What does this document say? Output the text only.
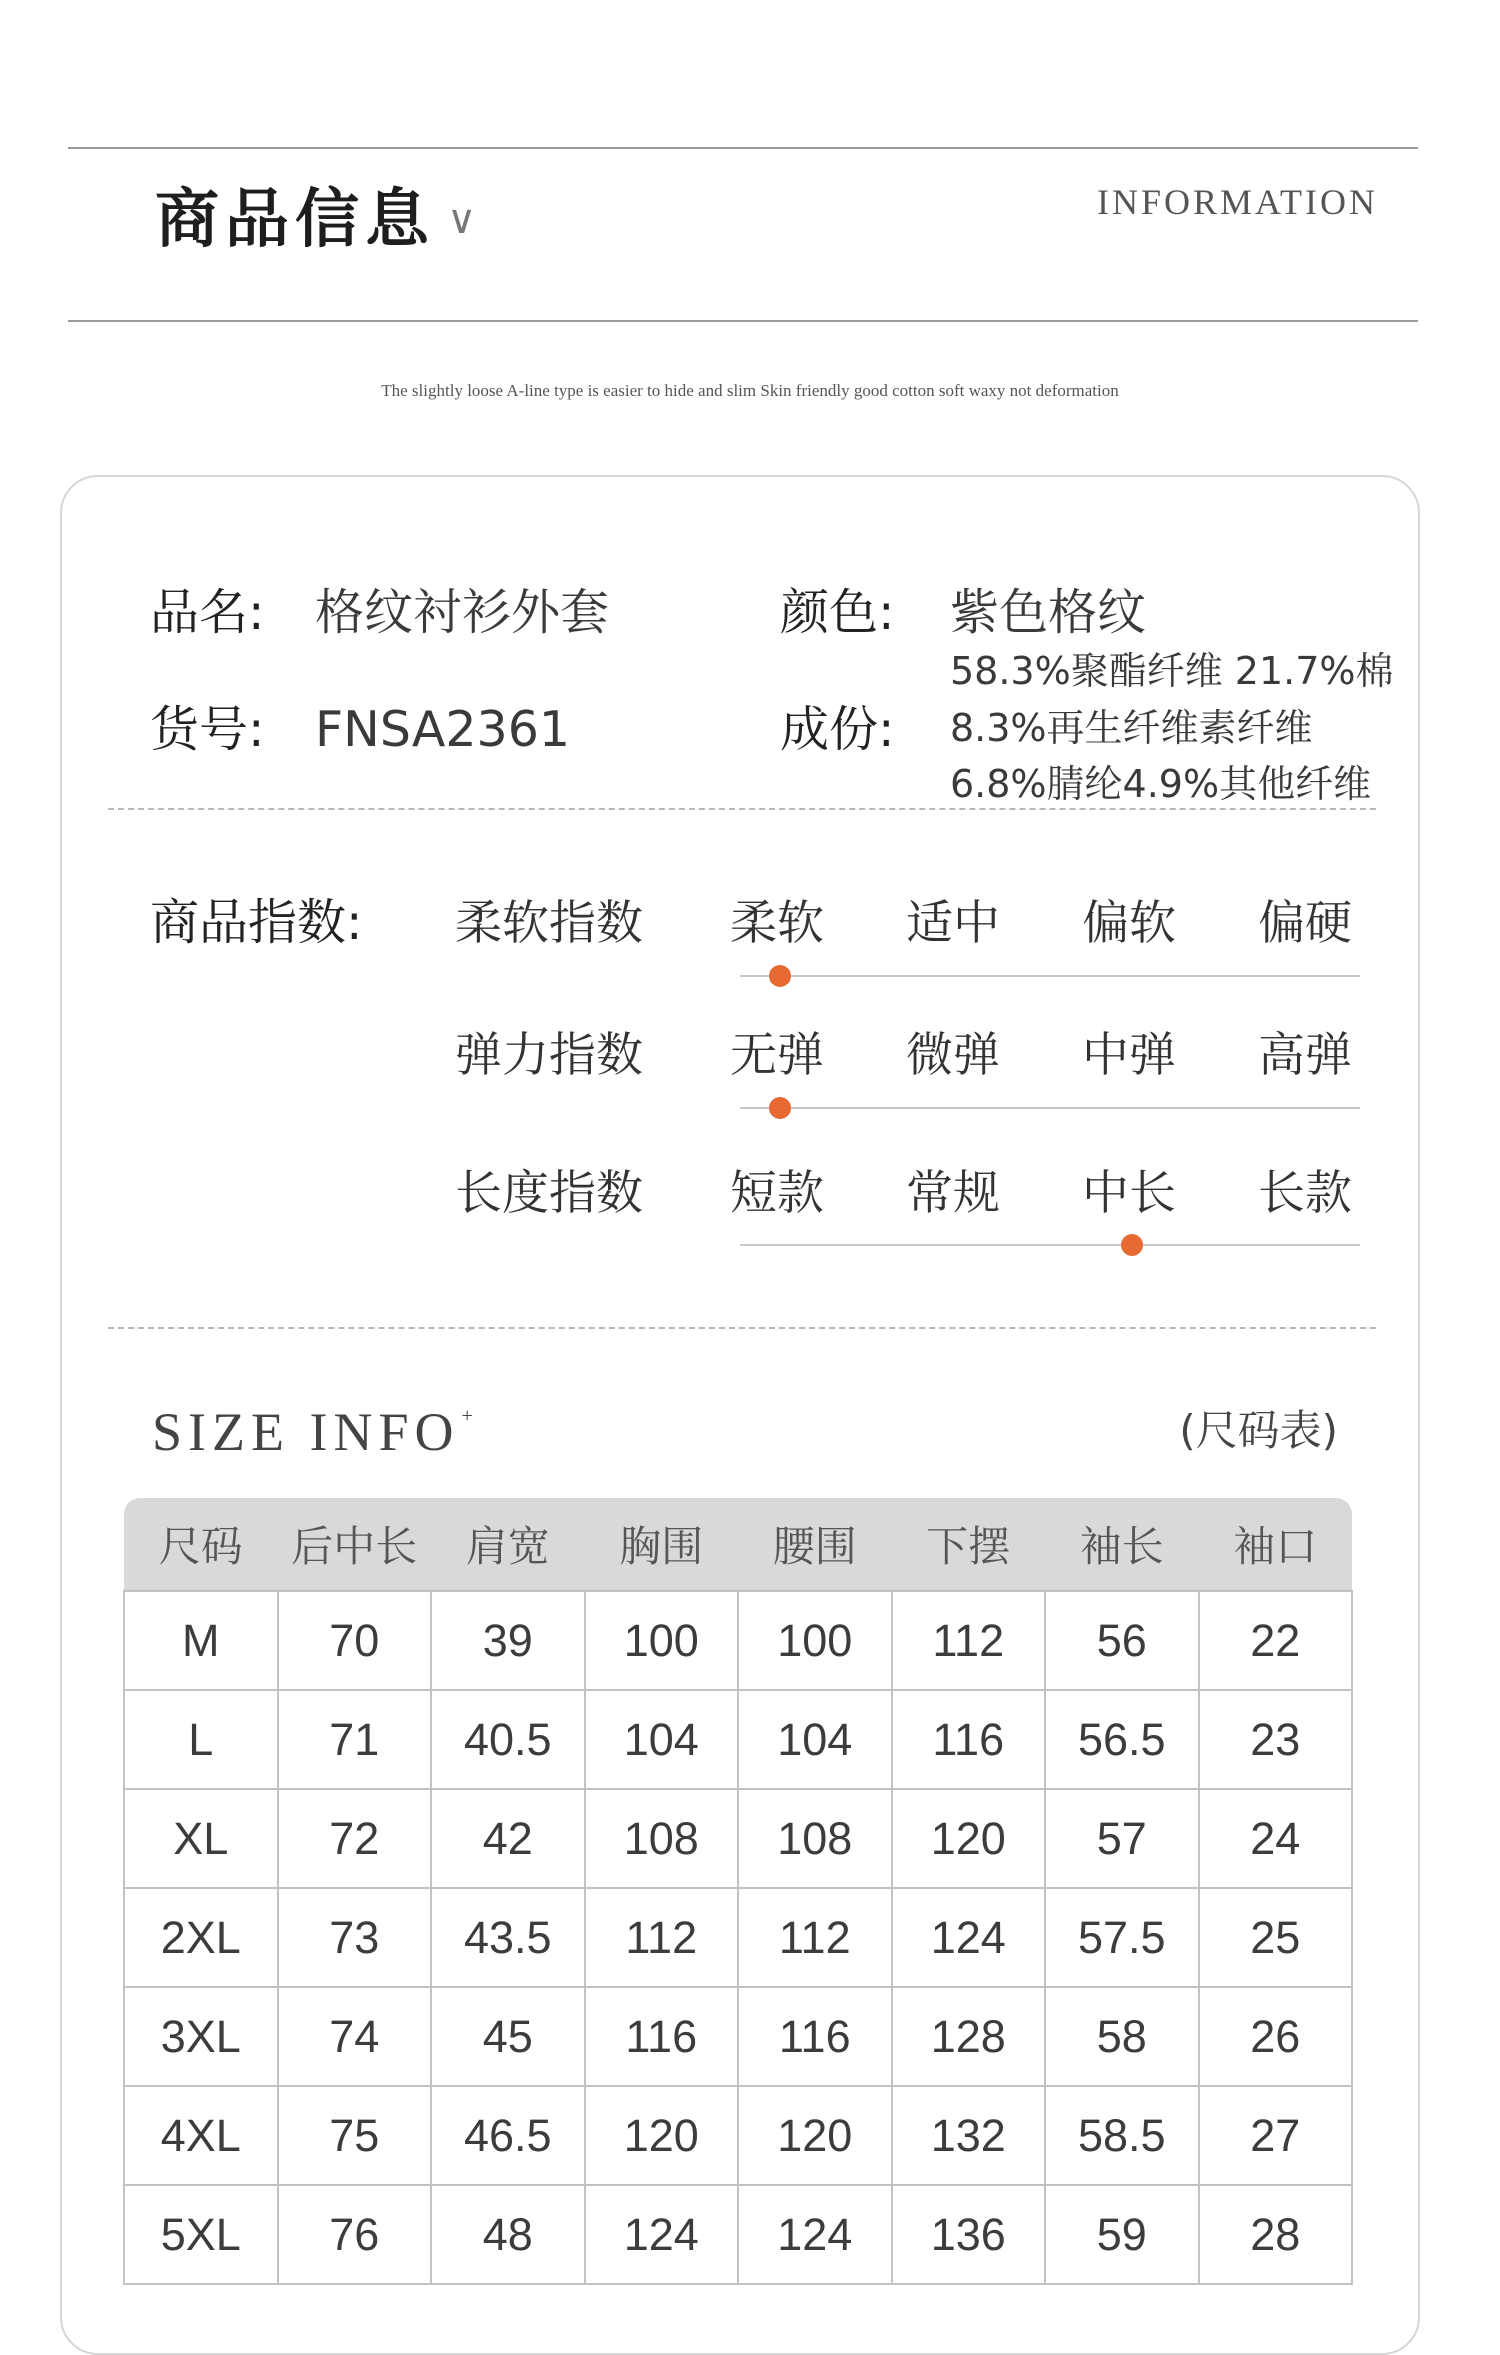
商品信息 ∨	INFORMATION
The slightly loose A-line type is easier to hide and slim Skin friendly good cotton soft waxy not deformation
品名: 格纹衬衫外套	颜色: 紫色格纹
货号: FNSA2361	成份:
58.3%聚酯纤维 21.7%棉
8.3%再生纤维素纤维
6.8%腈纶4.9%其他纤维
商品指数: 柔软指数 柔软 适中 偏软 偏硬
弹力指数 无弹 微弹 中弹 高弹
长度指数 短款 常规 中长 长款
SIZE INFO +	(尺码表)
尺码	后中长	肩宽	胸围	腰围	下摆	袖长	袖口
M	70	39	100	100	112	56	22
L	71	40.5	104	104	116	56.5	23
XL	72	42	108	108	120	57	24
2XL	73	43.5	112	112	124	57.5	25
3XL	74	45	116	116	128	58	26
4XL	75	46.5	120	120	132	58.5	27
5XL	76	48	124	124	136	59	28
